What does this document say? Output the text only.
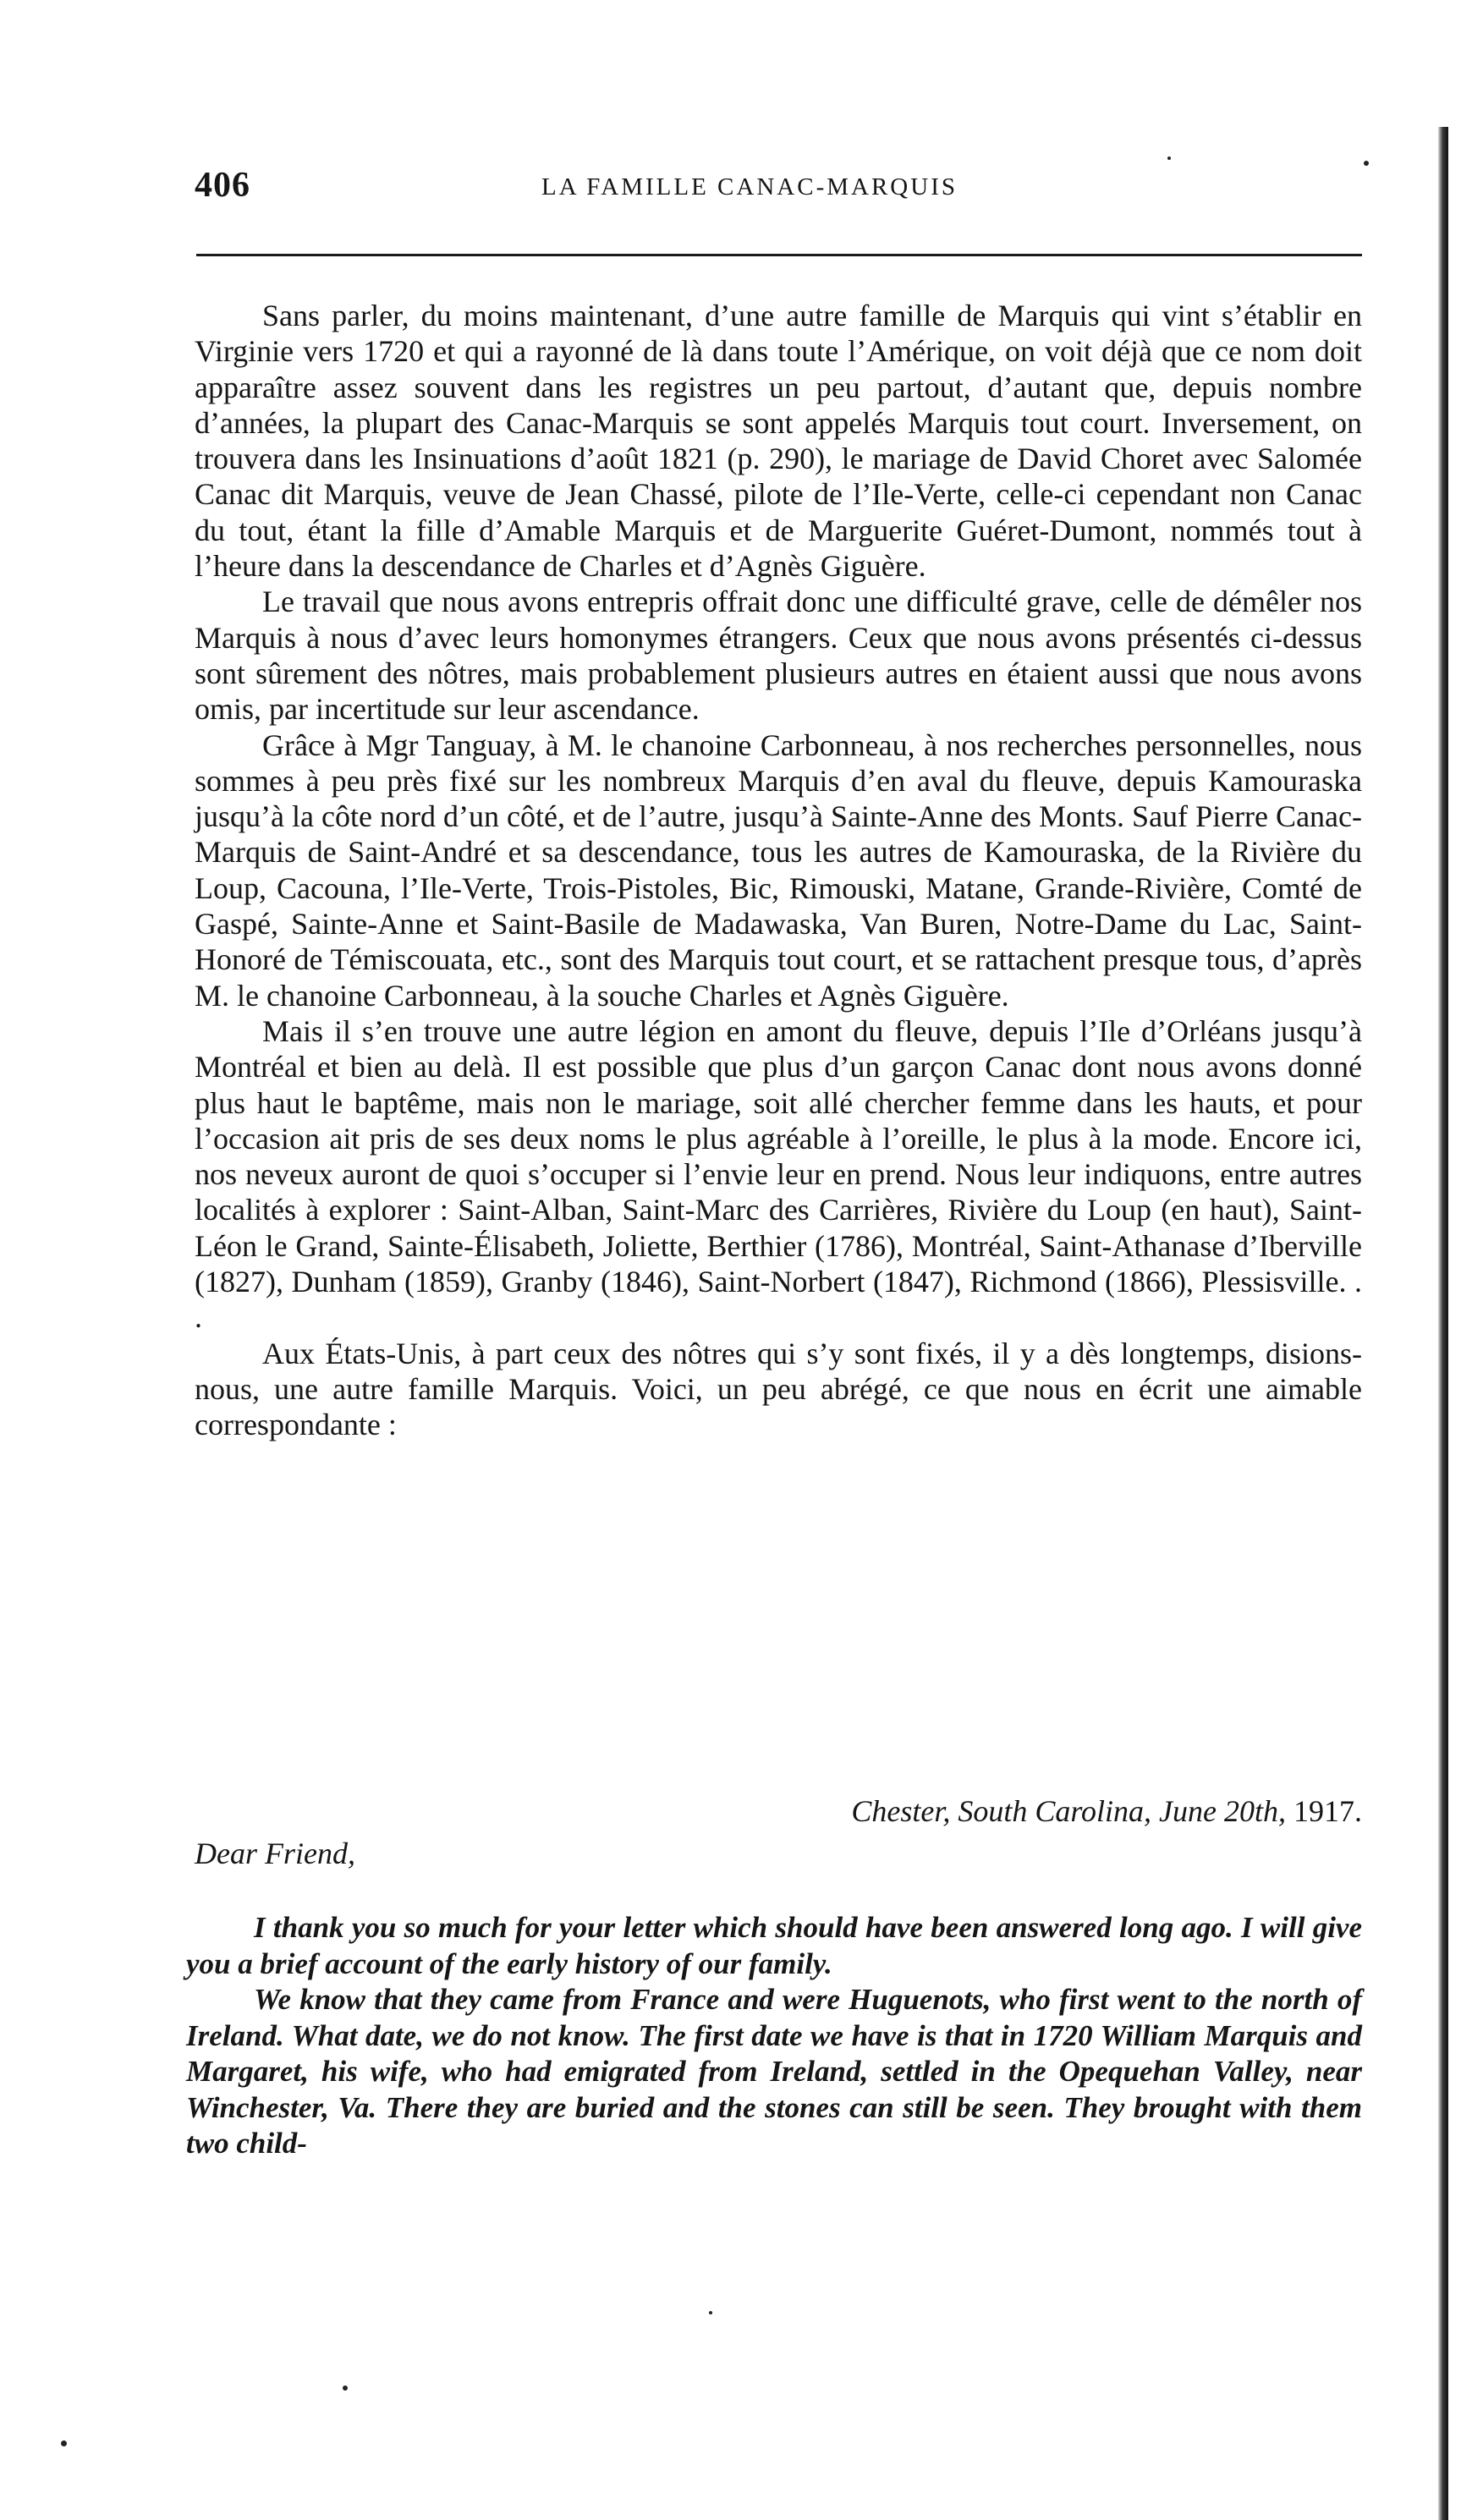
406	LA FAMILLE CANAC-MARQUIS

Sans parler, du moins maintenant, d’une autre famille de Marquis qui vint s’établir en Virginie vers 1720 et qui a rayonné de là dans toute l’Amérique, on voit déjà que ce nom doit apparaître assez souvent dans les registres un peu partout, d’autant que, depuis nombre d’années, la plupart des Canac-Marquis se sont appelés Marquis tout court. Inversement, on trouvera dans les Insinuations d’août 1821 (p. 290), le mariage de David Choret avec Salomée Canac dit Marquis, veuve de Jean Chassé, pilote de l’Ile-Verte, celle-ci cependant non Canac du tout, étant la fille d’Amable Marquis et de Marguerite Guéret-Dumont, nommés tout à l’heure dans la descendance de Charles et d’Agnès Giguère.

Le travail que nous avons entrepris offrait donc une difficulté grave, celle de démêler nos Marquis à nous d’avec leurs homonymes étrangers. Ceux que nous avons présentés ci-dessus sont sûrement des nôtres, mais probablement plusieurs autres en étaient aussi que nous avons omis, par incertitude sur leur ascendance.

Grâce à Mgr Tanguay, à M. le chanoine Carbonneau, à nos recherches personnelles, nous sommes à peu près fixé sur les nombreux Marquis d’en aval du fleuve, depuis Kamouraska jusqu’à la côte nord d’un côté, et de l’autre, jusqu’à Sainte-Anne des Monts. Sauf Pierre Canac-Marquis de Saint-André et sa descendance, tous les autres de Kamouraska, de la Rivière du Loup, Cacouna, l’Ile-Verte, Trois-Pistoles, Bic, Rimouski, Matane, Grande-Rivière, Comté de Gaspé, Sainte-Anne et Saint-Basile de Madawaska, Van Buren, Notre-Dame du Lac, Saint-Honoré de Témiscouata, etc., sont des Marquis tout court, et se rattachent presque tous, d’après M. le chanoine Carbonneau, à la souche Charles et Agnès Giguère.

Mais il s’en trouve une autre légion en amont du fleuve, depuis l’Ile d’Orléans jusqu’à Montréal et bien au delà. Il est possible que plus d’un garçon Canac dont nous avons donné plus haut le baptême, mais non le mariage, soit allé chercher femme dans les hauts, et pour l’occasion ait pris de ses deux noms le plus agréable à l’oreille, le plus à la mode. Encore ici, nos neveux auront de quoi s’occuper si l’envie leur en prend. Nous leur indiquons, entre autres localités à explorer : Saint-Alban, Saint-Marc des Carrières, Rivière du Loup (en haut), Saint-Léon le Grand, Sainte-Élisabeth, Joliette, Berthier (1786), Montréal, Saint-Athanase d’Iberville (1827), Dunham (1859), Granby (1846), Saint-Norbert (1847), Richmond (1866), Plessisville. . .

Aux États-Unis, à part ceux des nôtres qui s’y sont fixés, il y a dès longtemps, disions-nous, une autre famille Marquis. Voici, un peu abrégé, ce que nous en écrit une aimable correspondante :

Chester, South Carolina, June 20th, 1917.
Dear Friend,

I thank you so much for your letter which should have been answered long ago. I will give you a brief account of the early history of our family.

We know that they came from France and were Huguenots, who first went to the north of Ireland. What date, we do not know. The first date we have is that in 1720 William Marquis and Margaret, his wife, who had emigrated from Ireland, settled in the Opequehan Valley, near Winchester, Va. There they are buried and the stones can still be seen. They brought with them two child-
